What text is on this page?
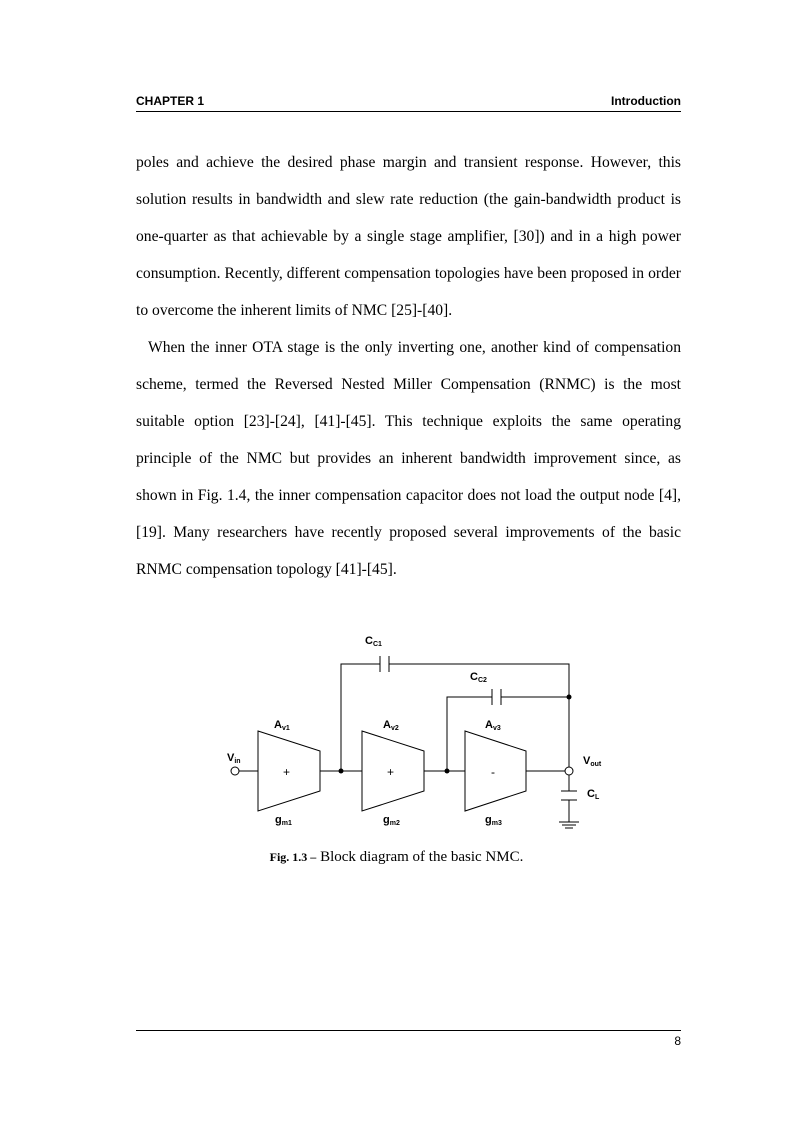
CHAPTER 1	Introduction

poles and achieve the desired phase margin and transient response. However, this solution results in bandwidth and slew rate reduction (the gain-bandwidth product is one-quarter as that achievable by a single stage amplifier, [30]) and in a high power consumption. Recently, different compensation topologies have been proposed in order to overcome the inherent limits of NMC [25]-[40].

When the inner OTA stage is the only inverting one, another kind of compensation scheme, termed the Reversed Nested Miller Compensation (RNMC) is the most suitable option [23]-[24], [41]-[45]. This technique exploits the same operating principle of the NMC but provides an inherent bandwidth improvement since, as shown in Fig. 1.4, the inner compensation capacitor does not load the output node [4], [19]. Many researchers have recently proposed several improvements of the basic RNMC compensation topology [41]-[45].

+	+	-
CC1
CC2
Av1	Av2	Av3
Vin	Vout
CL
gm1	gm2	gm3
Fig. 1.3 – Block diagram of the basic NMC.
8
